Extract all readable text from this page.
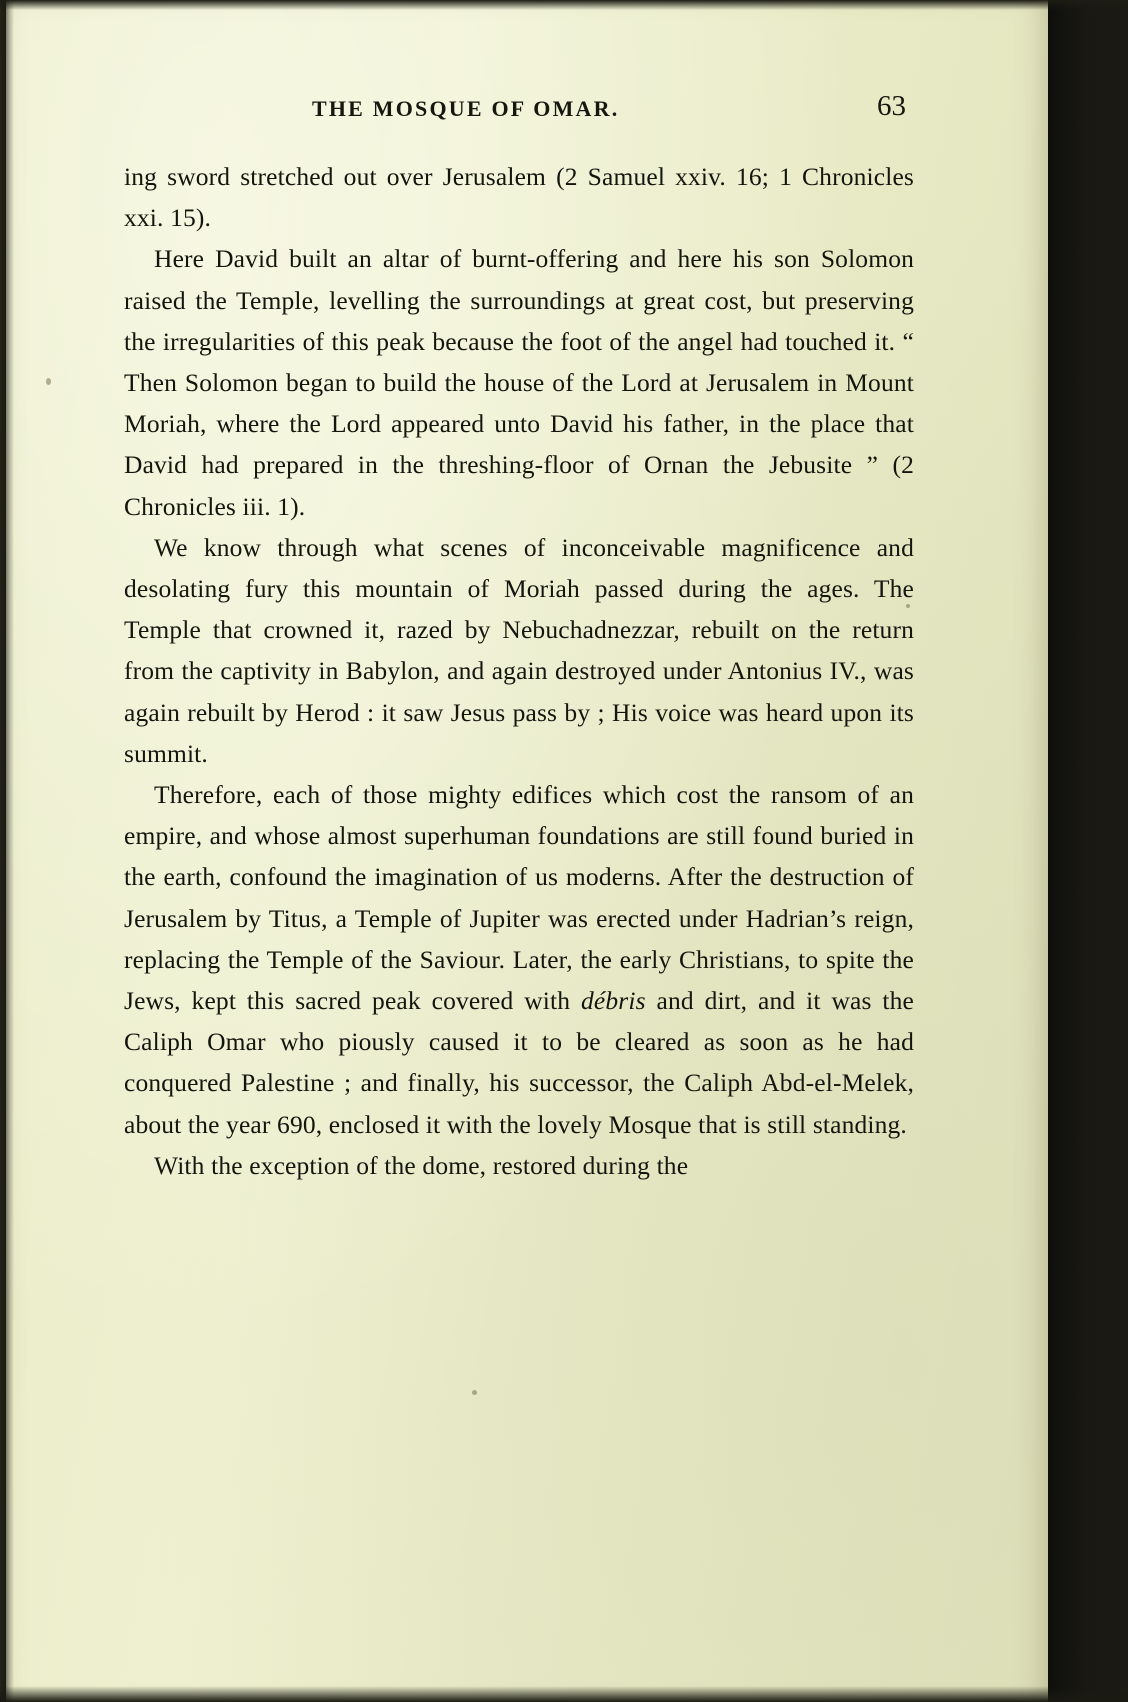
THE MOSQUE OF OMAR.	63

ing sword stretched out over Jerusalem (2 Samuel xxiv. 16; 1 Chronicles xxi. 15).

Here David built an altar of burnt-offering and here his son Solomon raised the Temple, levelling the surroundings at great cost, but preserving the irregularities of this peak because the foot of the angel had touched it. “ Then Solomon began to build the house of the Lord at Jerusalem in Mount Moriah, where the Lord appeared unto David his father, in the place that David had prepared in the threshing-floor of Ornan the Jebusite ” (2 Chronicles iii. 1).

We know through what scenes of inconceivable magnificence and desolating fury this mountain of Moriah passed during the ages. The Temple that crowned it, razed by Nebuchadnezzar, rebuilt on the return from the captivity in Babylon, and again destroyed under Antonius IV., was again rebuilt by Herod : it saw Jesus pass by ; His voice was heard upon its summit.

Therefore, each of those mighty edifices which cost the ransom of an empire, and whose almost superhuman foundations are still found buried in the earth, confound the imagination of us moderns. After the destruction of Jerusalem by Titus, a Temple of Jupiter was erected under Hadrian’s reign, replacing the Temple of the Saviour. Later, the early Christians, to spite the Jews, kept this sacred peak covered with débris and dirt, and it was the Caliph Omar who piously caused it to be cleared as soon as he had conquered Palestine ; and finally, his successor, the Caliph Abd-el-Melek, about the year 690, enclosed it with the lovely Mosque that is still standing.

With the exception of the dome, restored during the
